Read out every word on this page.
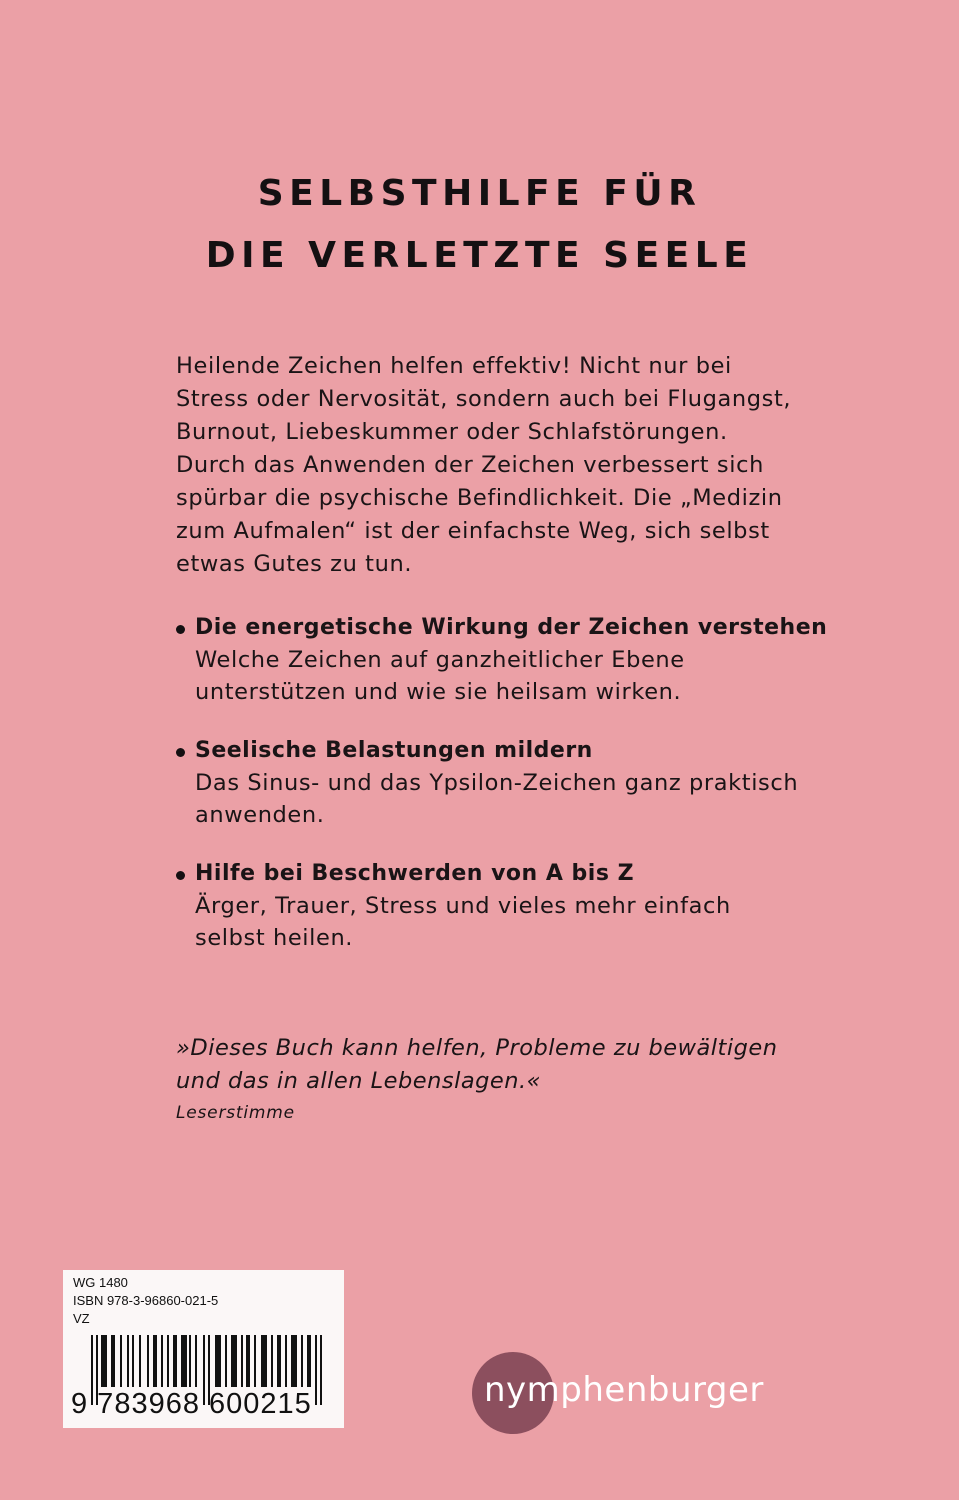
SELBSTHILFE FÜR
DIE VERLETZTE SEELE
Heilende Zeichen helfen effektiv! Nicht nur bei
Stress oder Nervosität, sondern auch bei Flugangst,
Burnout, Liebeskummer oder Schlafstörungen.
Durch das Anwenden der Zeichen verbessert sich
spürbar die psychische Befindlichkeit. Die „Medizin
zum Aufmalen“ ist der einfachste Weg, sich selbst
etwas Gutes zu tun.
Die energetische Wirkung der Zeichen verstehen
Welche Zeichen auf ganzheitlicher Ebene
unterstützen und wie sie heilsam wirken.
Seelische Belastungen mildern
Das Sinus- und das Ypsilon-Zeichen ganz praktisch
anwenden.
Hilfe bei Beschwerden von A bis Z
Ärger, Trauer, Stress und vieles mehr einfach
selbst heilen.
»Dieses Buch kann helfen, Probleme zu bewältigen
und das in allen Lebenslagen.«
Leserstimme
WG 1480
ISBN 978-3-96860-021-5
VZ
9 783968 600215	nymphenburger
